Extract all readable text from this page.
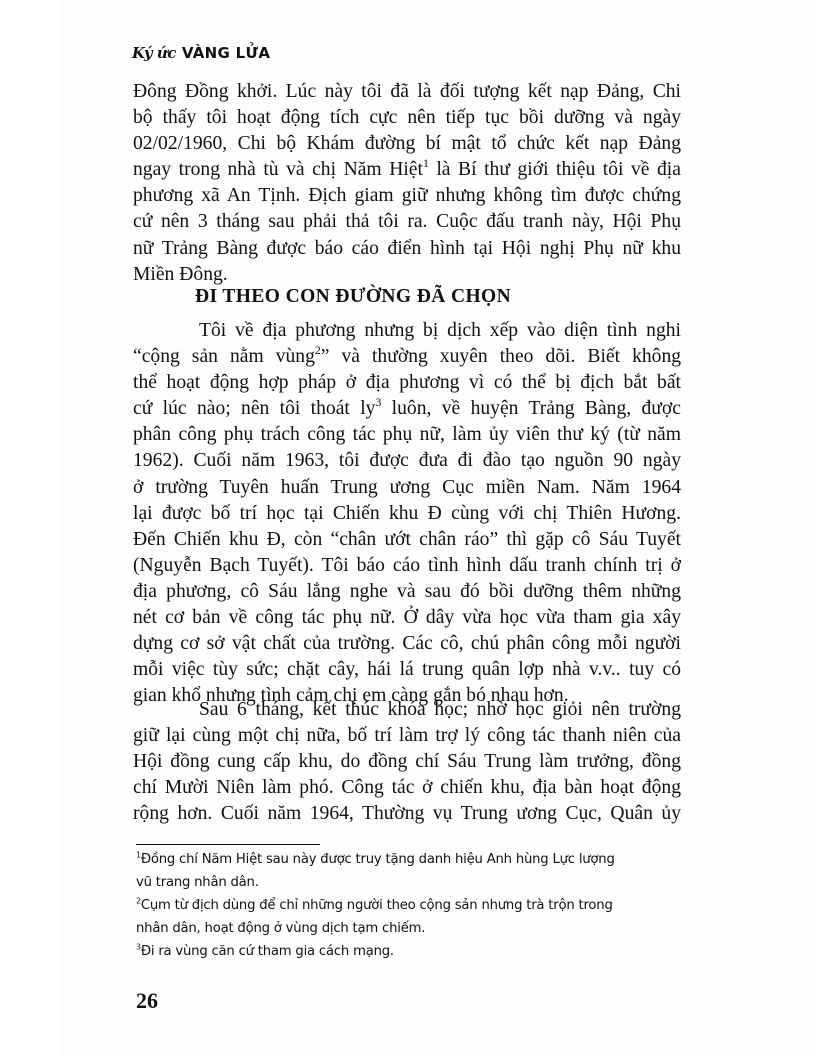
Ký ức VÀNG LỬA

Đông Đồng khởi. Lúc này tôi đã là đối tượng kết nạp Đảng, Chi
bộ thấy tôi hoạt động tích cực nên tiếp tục bồi dưỡng và ngày
02/02/1960, Chi bộ Khám đường bí mật tổ chức kết nạp Đảng
ngay trong nhà tù và chị Năm Hiệt$^1$ là Bí thư giới thiệu tôi về địa
phương xã An Tịnh. Địch giam giữ nhưng không tìm được chứng
cứ nên 3 tháng sau phải thả tôi ra. Cuộc đấu tranh này, Hội Phụ
nữ Trảng Bàng được báo cáo điển hình tại Hội nghị Phụ nữ khu
Miền Đông.

ĐI THEO CON ĐƯỜNG ĐÃ CHỌN

Tôi về địa phương nhưng bị dịch xếp vào diện tình nghi
“cộng sản nằm vùng$^2$” và thường xuyên theo dõi. Biết không
thể hoạt động hợp pháp ở địa phương vì có thể bị địch bắt bất
cứ lúc nào; nên tôi thoát $ly^3$ luôn, về huyện Trảng Bàng, được
phân công phụ trách công tác phụ nữ, làm ủy viên thư ký (từ năm
1962). Cuối năm 1963, tôi được đưa đi đào tạo nguồn 90 ngày
ở trường Tuyên huấn Trung ương Cục miền Nam. Năm 1964
lại được bố trí học tại Chiến khu Đ cùng với chị Thiên Hương.
Đến Chiến khu Đ, còn “chân ướt chân ráo” thì gặp cô Sáu Tuyết
(Nguyễn Bạch Tuyết). Tôi báo cáo tình hình dấu tranh chính trị ở
địa phương, cô Sáu lắng nghe và sau đó bồi dưỡng thêm những
nét cơ bản về công tác phụ nữ. Ở dây vừa học vừa tham gia xây
dựng cơ sở vật chất của trường. Các cô, chú phân công mỗi người
mỗi việc tùy sức; chặt cây, hái lá trung quân lợp nhà v.v.. tuy có
gian khổ nhưng tình cảm chị em càng gắn bó nhau hơn.

Sau 6 tháng, kết thúc khóa học; nhờ học giỏi nên trường
giữ lại cùng một chị nữa, bố trí làm trợ lý công tác thanh niên của
Hội đồng cung cấp khu, do đồng chí Sáu Trung làm trưởng, đồng
chí Mười Niên làm phó. Công tác ở chiến khu, địa bàn hoạt động
rộng hơn. Cuối năm 1964, Thường vụ Trung ương Cục, Quân ủy

$^1$Đồng chí Năm Hiệt sau này được truy tặng danh hiệu Anh hùng Lực lượng
vũ trang nhân dân.
$^2$Cụm từ địch dùng để chỉ những người theo cộng sản nhưng trà trộn trong
nhân dân, hoạt động ở vùng dịch tạm chiếm.
$^3$Đi ra vùng căn cứ tham gia cách mạng.
26
